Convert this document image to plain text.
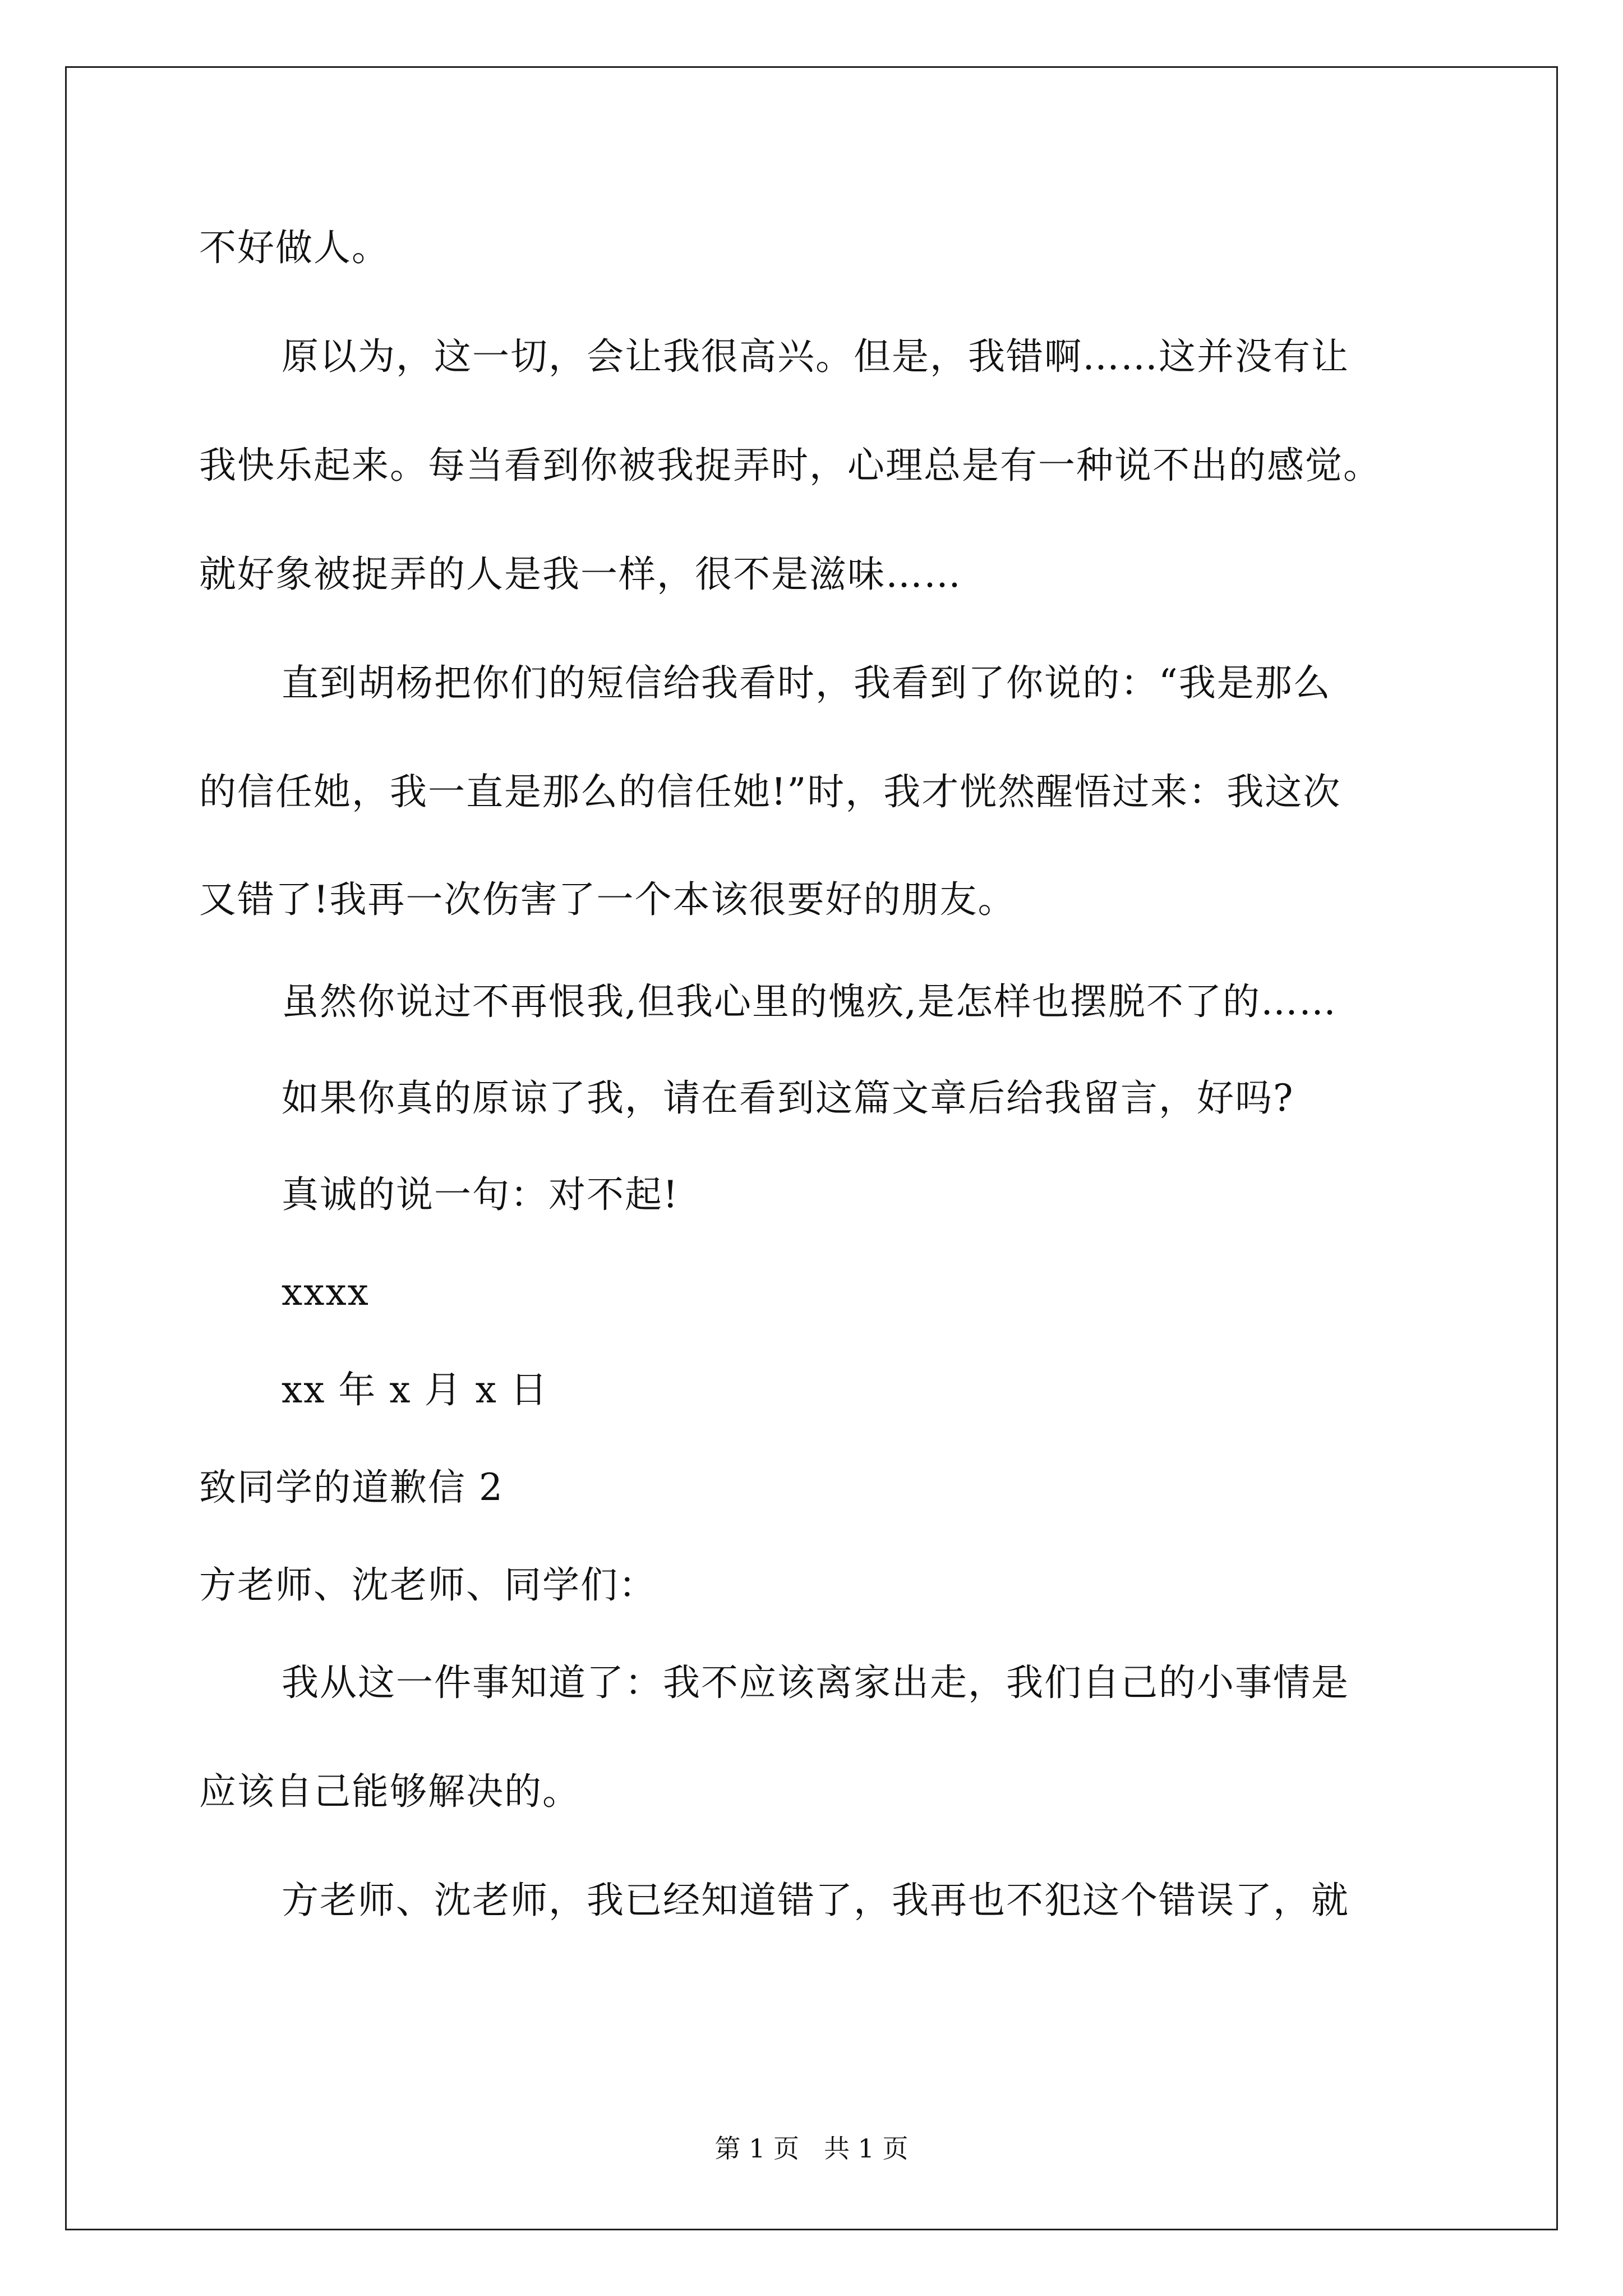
不好做人。
原以为，这一切，会让我很高兴。但是，我错啊……这并没有让
我快乐起来。每当看到你被我捉弄时，心理总是有一种说不出的感觉。
就好象被捉弄的人是我一样，很不是滋味……
直到胡杨把你们的短信给我看时，我看到了你说的：“我是那么
的信任她，我一直是那么的信任她!”时，我才恍然醒悟过来：我这次
又错了!我再一次伤害了一个本该很要好的朋友。
虽然你说过不再恨我,但我心里的愧疚,是怎样也摆脱不了的……
如果你真的原谅了我，请在看到这篇文章后给我留言，好吗?
真诚的说一句：对不起!
xxxx
xx 年 x 月 x 日
致同学的道歉信 2
方老师、沈老师、同学们：
我从这一件事知道了：我不应该离家出走，我们自己的小事情是
应该自己能够解决的。
方老师、沈老师，我已经知道错了，我再也不犯这个错误了，就
第 1 页 共 1 页
